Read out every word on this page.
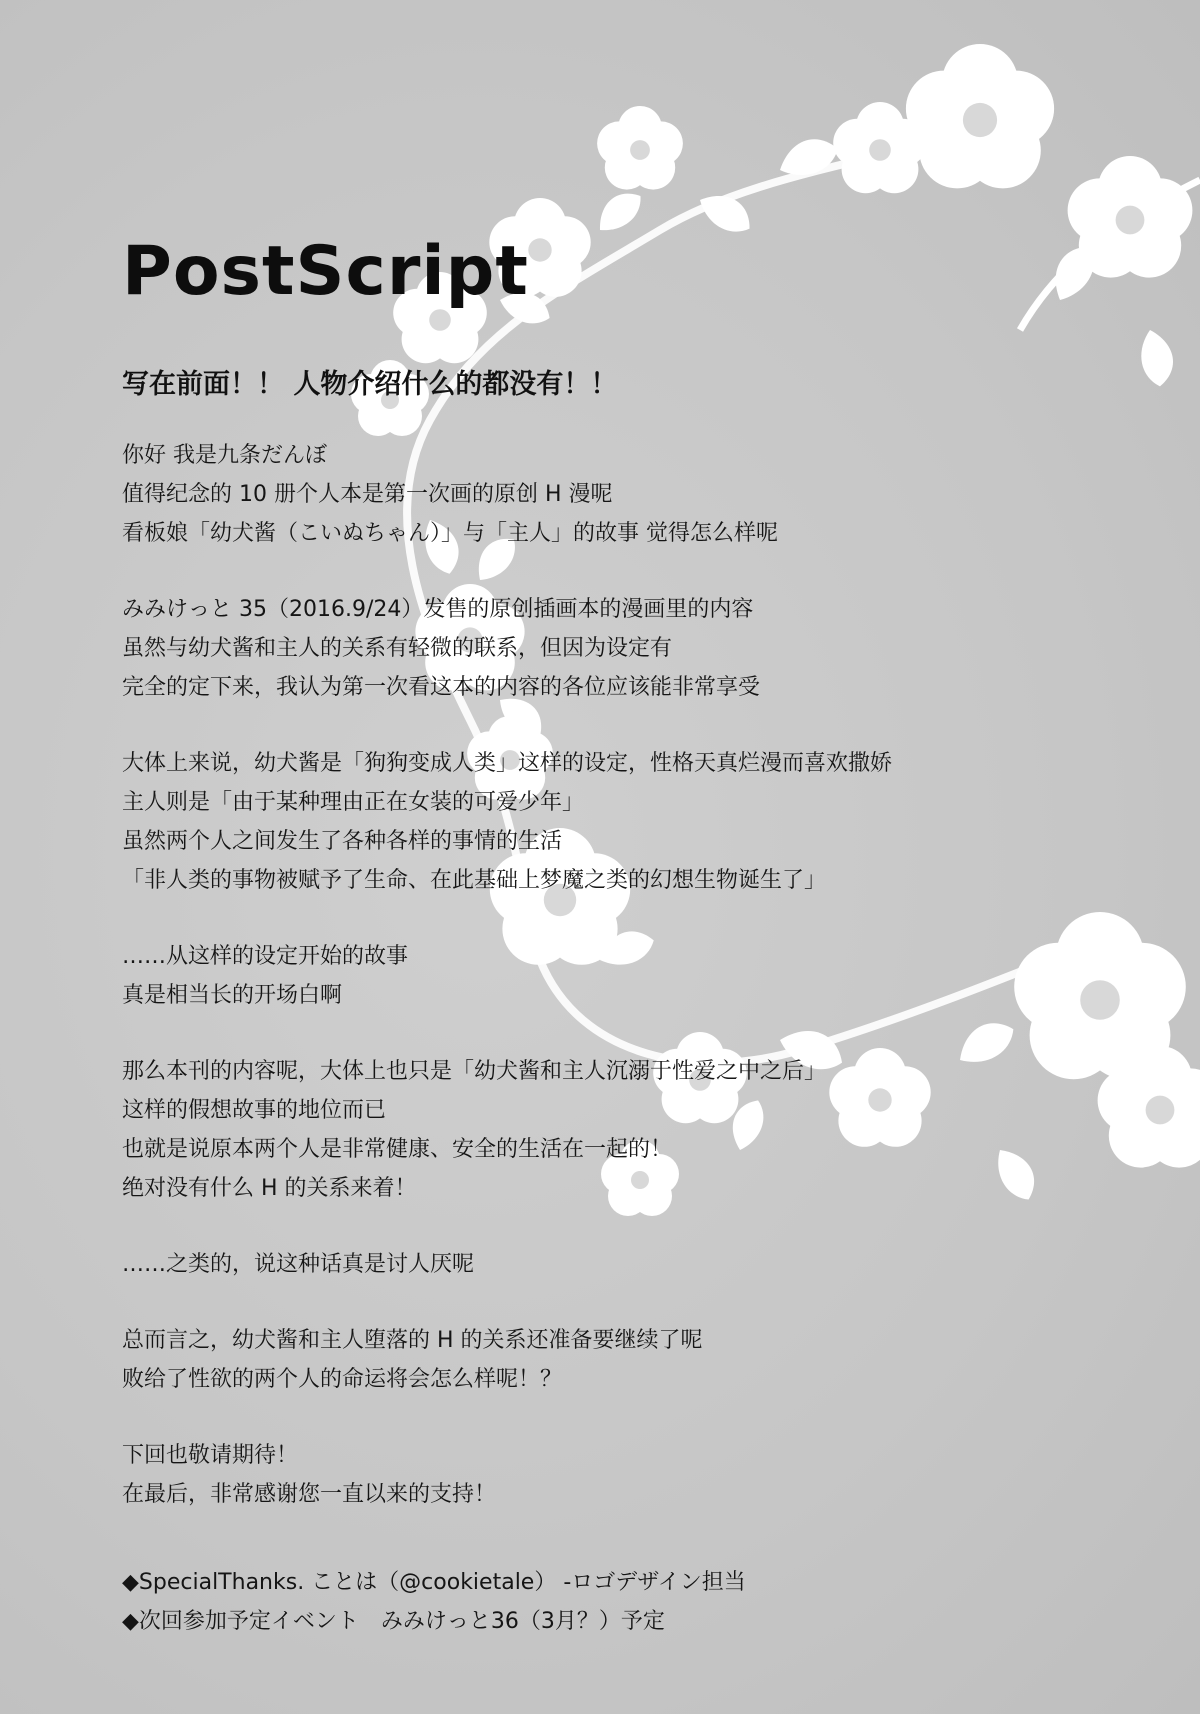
PostScript
写在前面！！ 人物介绍什么的都没有！！
你好 我是九条だんぼ
值得纪念的 10 册个人本是第一次画的原创 H 漫呢
看板娘「幼犬酱（こいぬちゃん）」与「主人」的故事 觉得怎么样呢
みみけっと 35（2016.9/24）发售的原创插画本的漫画里的内容
虽然与幼犬酱和主人的关系有轻微的联系，但因为设定有
完全的定下来，我认为第一次看这本的内容的各位应该能非常享受
大体上来说，幼犬酱是「狗狗变成人类」这样的设定，性格天真烂漫而喜欢撒娇
主人则是「由于某种理由正在女装的可爱少年」
虽然两个人之间发生了各种各样的事情的生活
「非人类的事物被赋予了生命、在此基础上梦魔之类的幻想生物诞生了」
……从这样的设定开始的故事
真是相当长的开场白啊
那么本刊的内容呢，大体上也只是「幼犬酱和主人沉溺于性爱之中之后」
这样的假想故事的地位而已
也就是说原本两个人是非常健康、安全的生活在一起的！
绝对没有什么 H 的关系来着！
……之类的，说这种话真是讨人厌呢
总而言之，幼犬酱和主人堕落的 H 的关系还准备要继续了呢
败给了性欲的两个人的命运将会怎么样呢！？
下回也敬请期待！
在最后，非常感谢您一直以来的支持！
◆SpecialThanks. ことは（@cookietale） -ロゴデザイン担当
◆次回参加予定イベント　みみけっと36（3月？）予定
